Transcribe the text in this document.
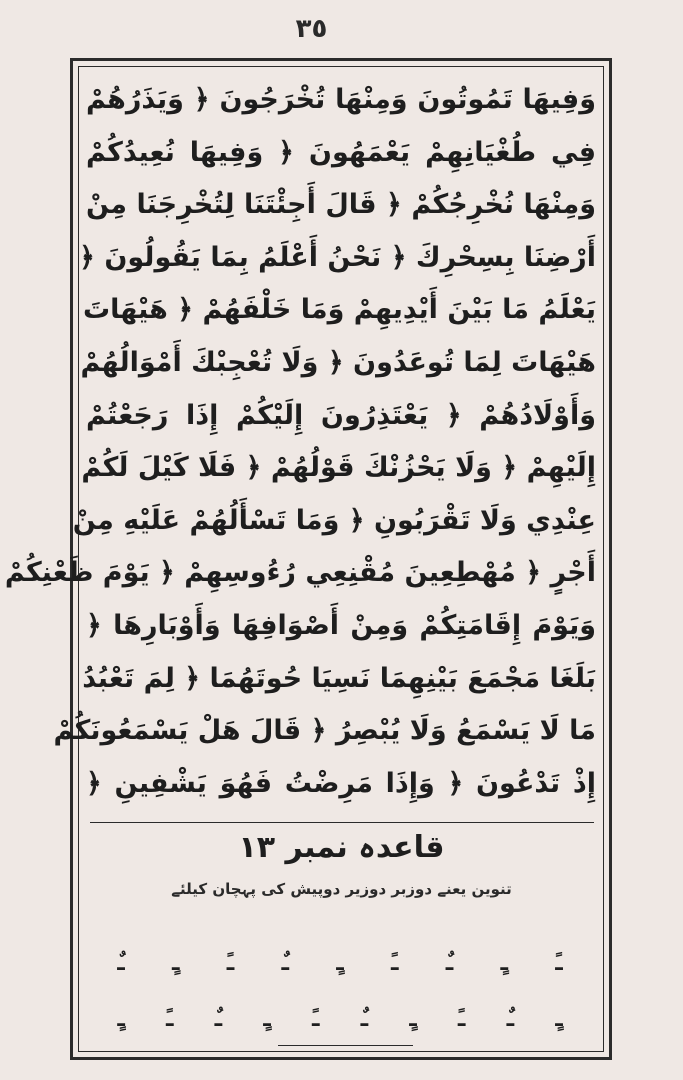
٣٥
وَفِيهَا تَمُوتُونَ وَمِنْهَا تُخْرَجُونَ ﴿ وَيَذَرُهُمْ
فِي طُغْيَانِهِمْ يَعْمَهُونَ ﴿ وَفِيهَا نُعِيدُكُمْ
وَمِنْهَا نُخْرِجُكُمْ ﴿ قَالَ أَجِئْتَنَا لِتُخْرِجَنَا مِنْ
أَرْضِنَا بِسِحْرِكَ ﴿ نَحْنُ أَعْلَمُ بِمَا يَقُولُونَ ﴿
يَعْلَمُ مَا بَيْنَ أَيْدِيهِمْ وَمَا خَلْفَهُمْ ﴿ هَيْهَاتَ
هَيْهَاتَ لِمَا تُوعَدُونَ ﴿ وَلَا تُعْجِبْكَ أَمْوَالُهُمْ
وَأَوْلَادُهُمْ ﴿ يَعْتَذِرُونَ إِلَيْكُمْ إِذَا رَجَعْتُمْ
إِلَيْهِمْ ﴿ وَلَا يَحْزُنْكَ قَوْلُهُمْ ﴿ فَلَا كَيْلَ لَكُمْ
عِنْدِي وَلَا تَقْرَبُونِ ﴿ وَمَا تَسْأَلُهُمْ عَلَيْهِ مِنْ
أَجْرٍ ﴿ مُهْطِعِينَ مُقْنِعِي رُءُوسِهِمْ ﴿ يَوْمَ ظَعْنِكُمْ
وَيَوْمَ إِقَامَتِكُمْ وَمِنْ أَصْوَافِهَا وَأَوْبَارِهَا ﴿
بَلَغَا مَجْمَعَ بَيْنِهِمَا نَسِيَا حُوتَهُمَا ﴿ لِمَ تَعْبُدُ
مَا لَا يَسْمَعُ وَلَا يُبْصِرُ ﴿ قَالَ هَلْ يَسْمَعُونَكُمْ
إِذْ تَدْعُونَ ﴿ وَإِذَا مَرِضْتُ فَهُوَ يَشْفِينِ ﴿
قاعدہ نمبر ۱۳
تنوین یعنے دوزبر دوزیر دوپیش کی پہچان کیلئے
ـً
ـٍ
ـٌ
ـً
ـٍ
ـٌ
ـً
ـٍ
ـٌ
ـٍ
ـٌ
ـً
ـٍ
ـٌ
ـً
ـٍ
ـٌ
ـً
ـٍ
